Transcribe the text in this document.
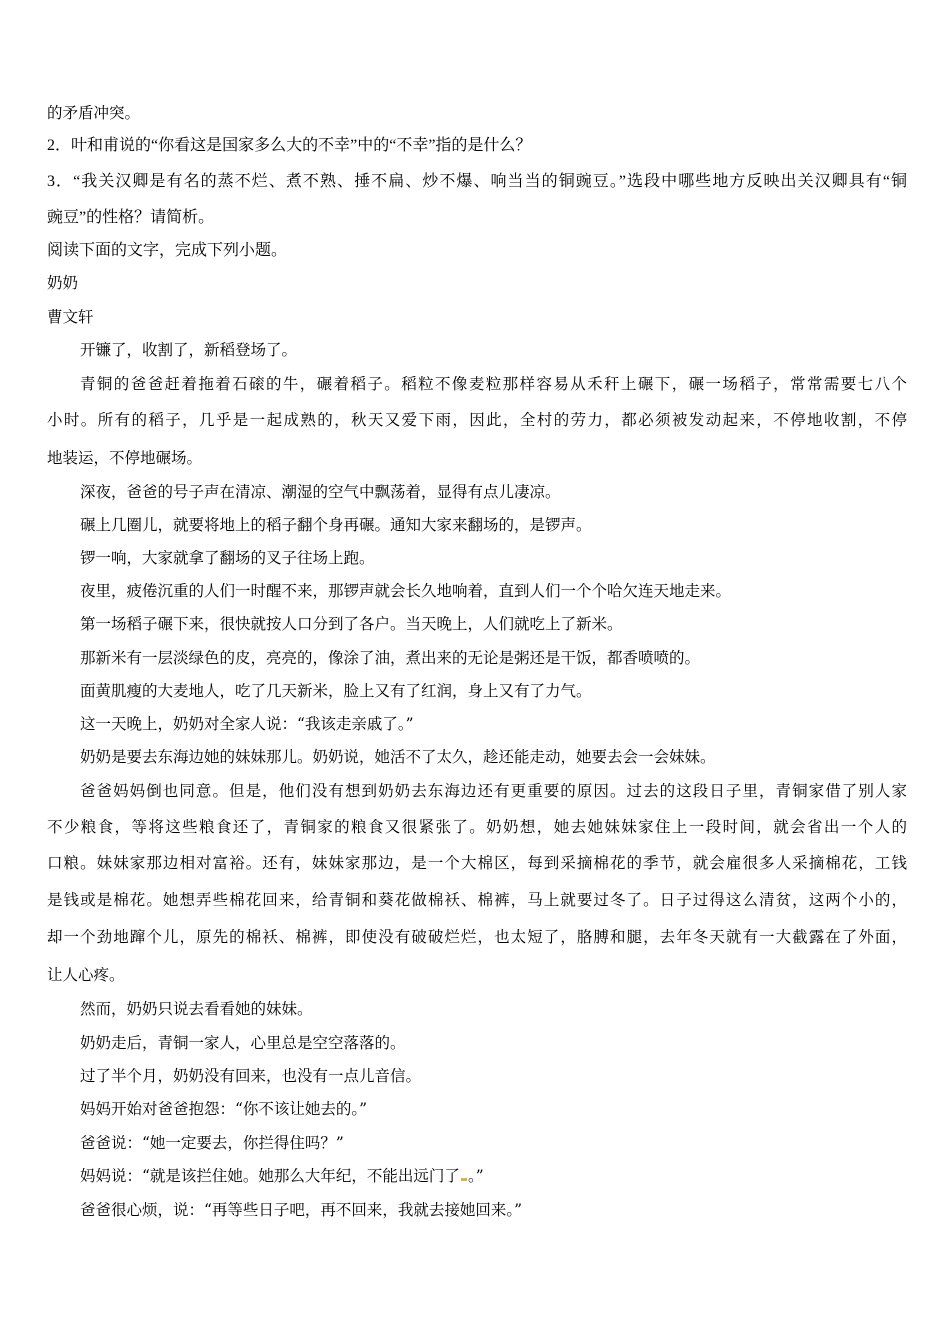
的矛盾冲突。
2．叶和甫说的“你看这是国家多么大的不幸”中的“不幸”指的是什么？
3．“我关汉卿是有名的蒸不烂、煮不熟、捶不扁、炒不爆、响当当的铜豌豆。”选段中哪些地方反映出关汉卿具有“铜
豌豆”的性格？请简析。
阅读下面的文字，完成下列小题。
奶奶
曹文轩
开镰了，收割了，新稻登场了。
青铜的爸爸赶着拖着石磙的牛，碾着稻子。稻粒不像麦粒那样容易从禾秆上碾下，碾一场稻子，常常需要七八个
小时。所有的稻子，几乎是一起成熟的，秋天又爱下雨，因此，全村的劳力，都必须被发动起来，不停地收割，不停
地装运，不停地碾场。
深夜，爸爸的号子声在清凉、潮湿的空气中飘荡着，显得有点儿凄凉。
碾上几圈儿，就要将地上的稻子翻个身再碾。通知大家来翻场的，是锣声。
锣一响，大家就拿了翻场的叉子往场上跑。
夜里，疲倦沉重的人们一时醒不来，那锣声就会长久地响着，直到人们一个个哈欠连天地走来。
第一场稻子碾下来，很快就按人口分到了各户。当天晚上，人们就吃上了新米。
那新米有一层淡绿色的皮，亮亮的，像涂了油，煮出来的无论是粥还是干饭，都香喷喷的。
面黄肌瘦的大麦地人，吃了几天新米，脸上又有了红润，身上又有了力气。
这一天晚上，奶奶对全家人说：“我该走亲戚了。”
奶奶是要去东海边她的妹妹那儿。奶奶说，她活不了太久，趁还能走动，她要去会一会妹妹。
爸爸妈妈倒也同意。但是，他们没有想到奶奶去东海边还有更重要的原因。过去的这段日子里，青铜家借了别人家
不少粮食，等将这些粮食还了，青铜家的粮食又很紧张了。奶奶想，她去她妹妹家住上一段时间，就会省出一个人的
口粮。妹妹家那边相对富裕。还有，妹妹家那边，是一个大棉区，每到采摘棉花的季节，就会雇很多人采摘棉花，工钱
是钱或是棉花。她想弄些棉花回来，给青铜和葵花做棉袄、棉裤，马上就要过冬了。日子过得这么清贫，这两个小的，
却一个劲地蹿个儿，原先的棉袄、棉裤，即使没有破破烂烂，也太短了，胳膊和腿，去年冬天就有一大截露在了外面，
让人心疼。
然而，奶奶只说去看看她的妹妹。
奶奶走后，青铜一家人，心里总是空空落落的。
过了半个月，奶奶没有回来，也没有一点儿音信。
妈妈开始对爸爸抱怨：“你不该让她去的。”
爸爸说：“她一定要去，你拦得住吗？”
妈妈说：“就是该拦住她。她那么大年纪，不能出远门了 。”
爸爸很心烦，说：“再等些日子吧，再不回来，我就去接她回来。”
